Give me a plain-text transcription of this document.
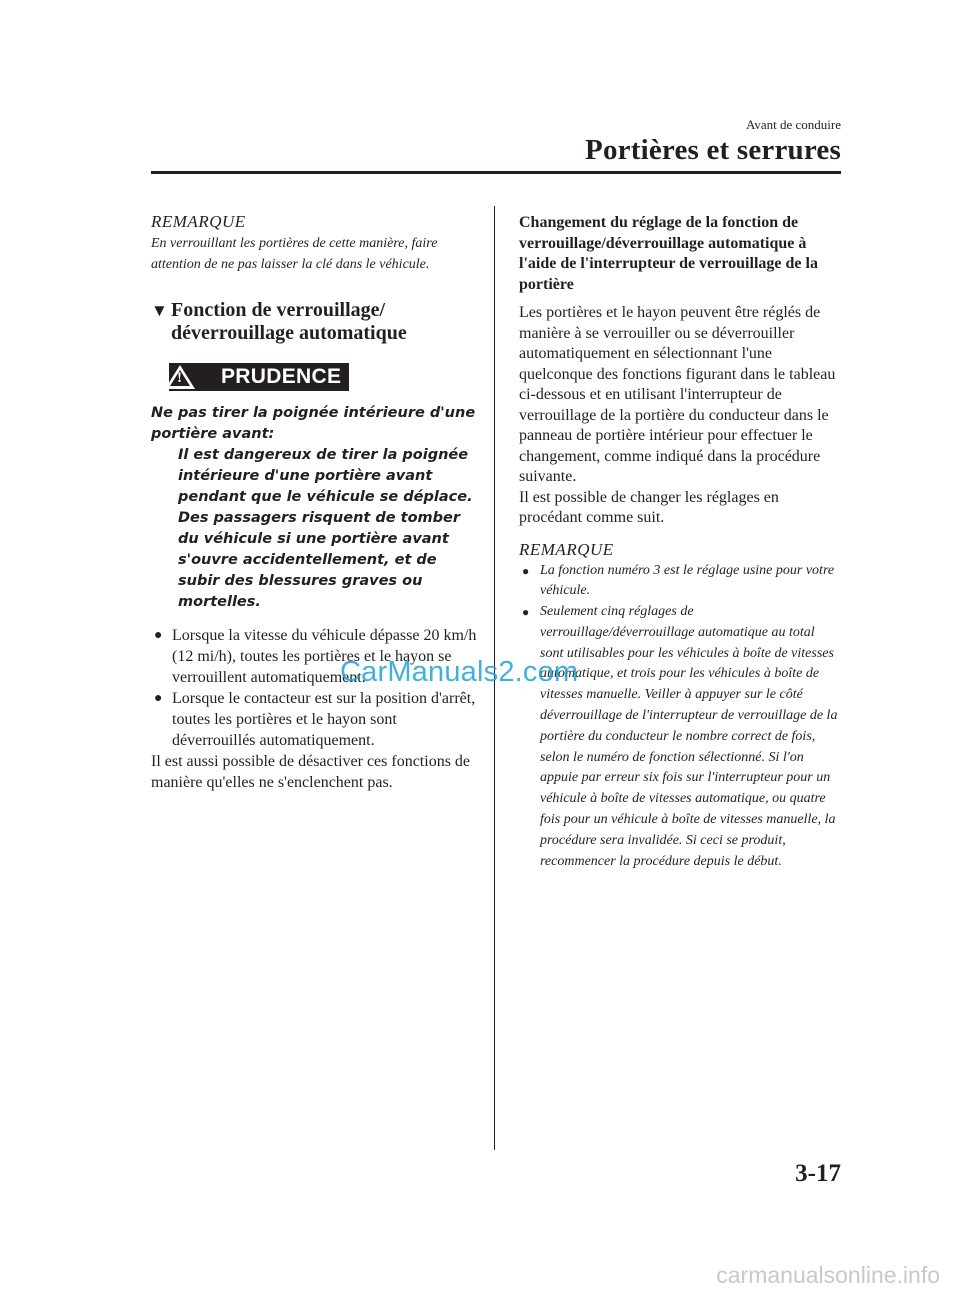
Avant de conduire
Portières et serrures
REMARQUE

En verrouillant les portières de cette manière, faire attention de ne pas laisser la clé dans le véhicule.

▼ Fonction de verrouillage/
déverrouillage automatique
PRUDENCE
!
Ne pas tirer la poignée intérieure d'une portière avant:
Il est dangereux de tirer la poignée intérieure d'une portière avant pendant que le véhicule se déplace. Des passagers risquent de tomber du véhicule si une portière avant s'ouvre accidentellement, et de subir des blessures graves ou mortelles.
● Lorsque la vitesse du véhicule dépasse 20 km/h (12 mi/h), toutes les portières et le hayon se verrouillent automatiquement.
● Lorsque le contacteur est sur la position d'arrêt, toutes les portières et le hayon sont déverrouillés automatiquement.

Il est aussi possible de désactiver ces fonctions de manière qu'elles ne s'enclenchent pas.

Changement du réglage de la fonction de verrouillage/déverrouillage automatique à l'aide de l'interrupteur de verrouillage de la portière

Les portières et le hayon peuvent être réglés de manière à se verrouiller ou se déverrouiller automatiquement en sélectionnant l'une quelconque des fonctions figurant dans le tableau ci-dessous et en utilisant l'interrupteur de verrouillage de la portière du conducteur dans le panneau de portière intérieur pour effectuer le changement, comme indiqué dans la procédure suivante.

Il est possible de changer les réglages en procédant comme suit.

REMARQUE
● La fonction numéro 3 est le réglage usine pour votre véhicule.
● Seulement cinq réglages de verrouillage/déverrouillage automatique au total sont utilisables pour les véhicules à boîte de vitesses automatique, et trois pour les véhicules à boîte de vitesses manuelle. Veiller à appuyer sur le côté déverrouillage de l'interrupteur de verrouillage de la portière du conducteur le nombre correct de fois, selon le numéro de fonction sélectionné. Si l'on appuie par erreur six fois sur l'interrupteur pour un véhicule à boîte de vitesses automatique, ou quatre fois pour un véhicule à boîte de vitesses manuelle, la procédure sera invalidée. Si ceci se produit, recommencer la procédure depuis le début.
CarManuals2.com
3-17
carmanualsonline.info
